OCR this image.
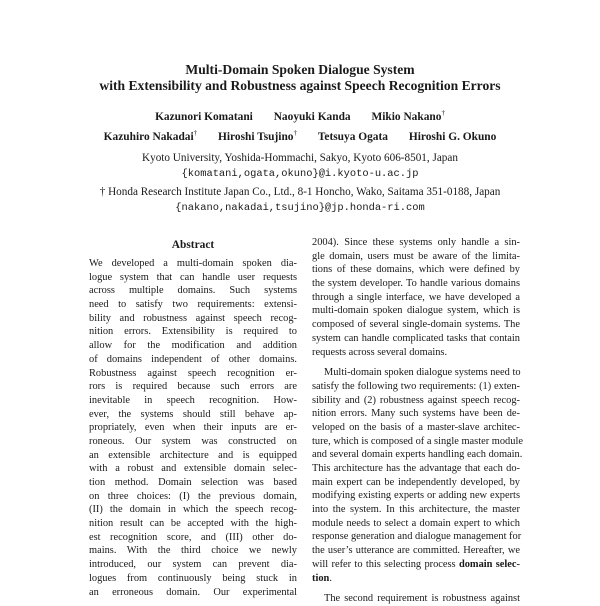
Multi-Domain Spoken Dialogue System
with Extensibility and Robustness against Speech Recognition Errors
Kazunori Komatani Naoyuki Kanda Mikio Nakano†
Kazuhiro Nakadai† Hiroshi Tsujino† Tetsuya Ogata Hiroshi G. Okuno
Kyoto University, Yoshida-Hommachi, Sakyo, Kyoto 606-8501, Japan
{komatani,ogata,okuno}@i.kyoto-u.ac.jp
† Honda Research Institute Japan Co., Ltd., 8-1 Honcho, Wako, Saitama 351-0188, Japan
{nakano,nakadai,tsujino}@jp.honda-ri.com
Abstract
We developed a multi-domain spoken dia-
logue system that can handle user requests
across multiple domains. Such systems
need to satisfy two requirements: extensi-
bility and robustness against speech recog-
nition errors. Extensibility is required to
allow for the modification and addition
of domains independent of other domains.
Robustness against speech recognition er-
rors is required because such errors are
inevitable in speech recognition. How-
ever, the systems should still behave ap-
propriately, even when their inputs are er-
roneous. Our system was constructed on
an extensible architecture and is equipped
with a robust and extensible domain selec-
tion method. Domain selection was based
on three choices: (I) the previous domain,
(II) the domain in which the speech recog-
nition result can be accepted with the high-
est recognition score, and (III) other do-
mains. With the third choice we newly
introduced, our system can prevent dia-
logues from continuously being stuck in
an erroneous domain. Our experimental
2004). Since these systems only handle a sin-
gle domain, users must be aware of the limita-
tions of these domains, which were defined by
the system developer. To handle various domains
through a single interface, we have developed a
multi-domain spoken dialogue system, which is
composed of several single-domain systems. The
system can handle complicated tasks that contain
requests across several domains.
Multi-domain spoken dialogue systems need to
satisfy the following two requirements: (1) exten-
sibility and (2) robustness against speech recog-
nition errors. Many such systems have been de-
veloped on the basis of a master-slave architec-
ture, which is composed of a single master module
and several domain experts handling each domain.
This architecture has the advantage that each do-
main expert can be independently developed, by
modifying existing experts or adding new experts
into the system. In this architecture, the master
module needs to select a domain expert to which
response generation and dialogue management for
the user’s utterance are committed. Hereafter, we
will refer to this selecting process domain selec-
tion.
The second requirement is robustness against
